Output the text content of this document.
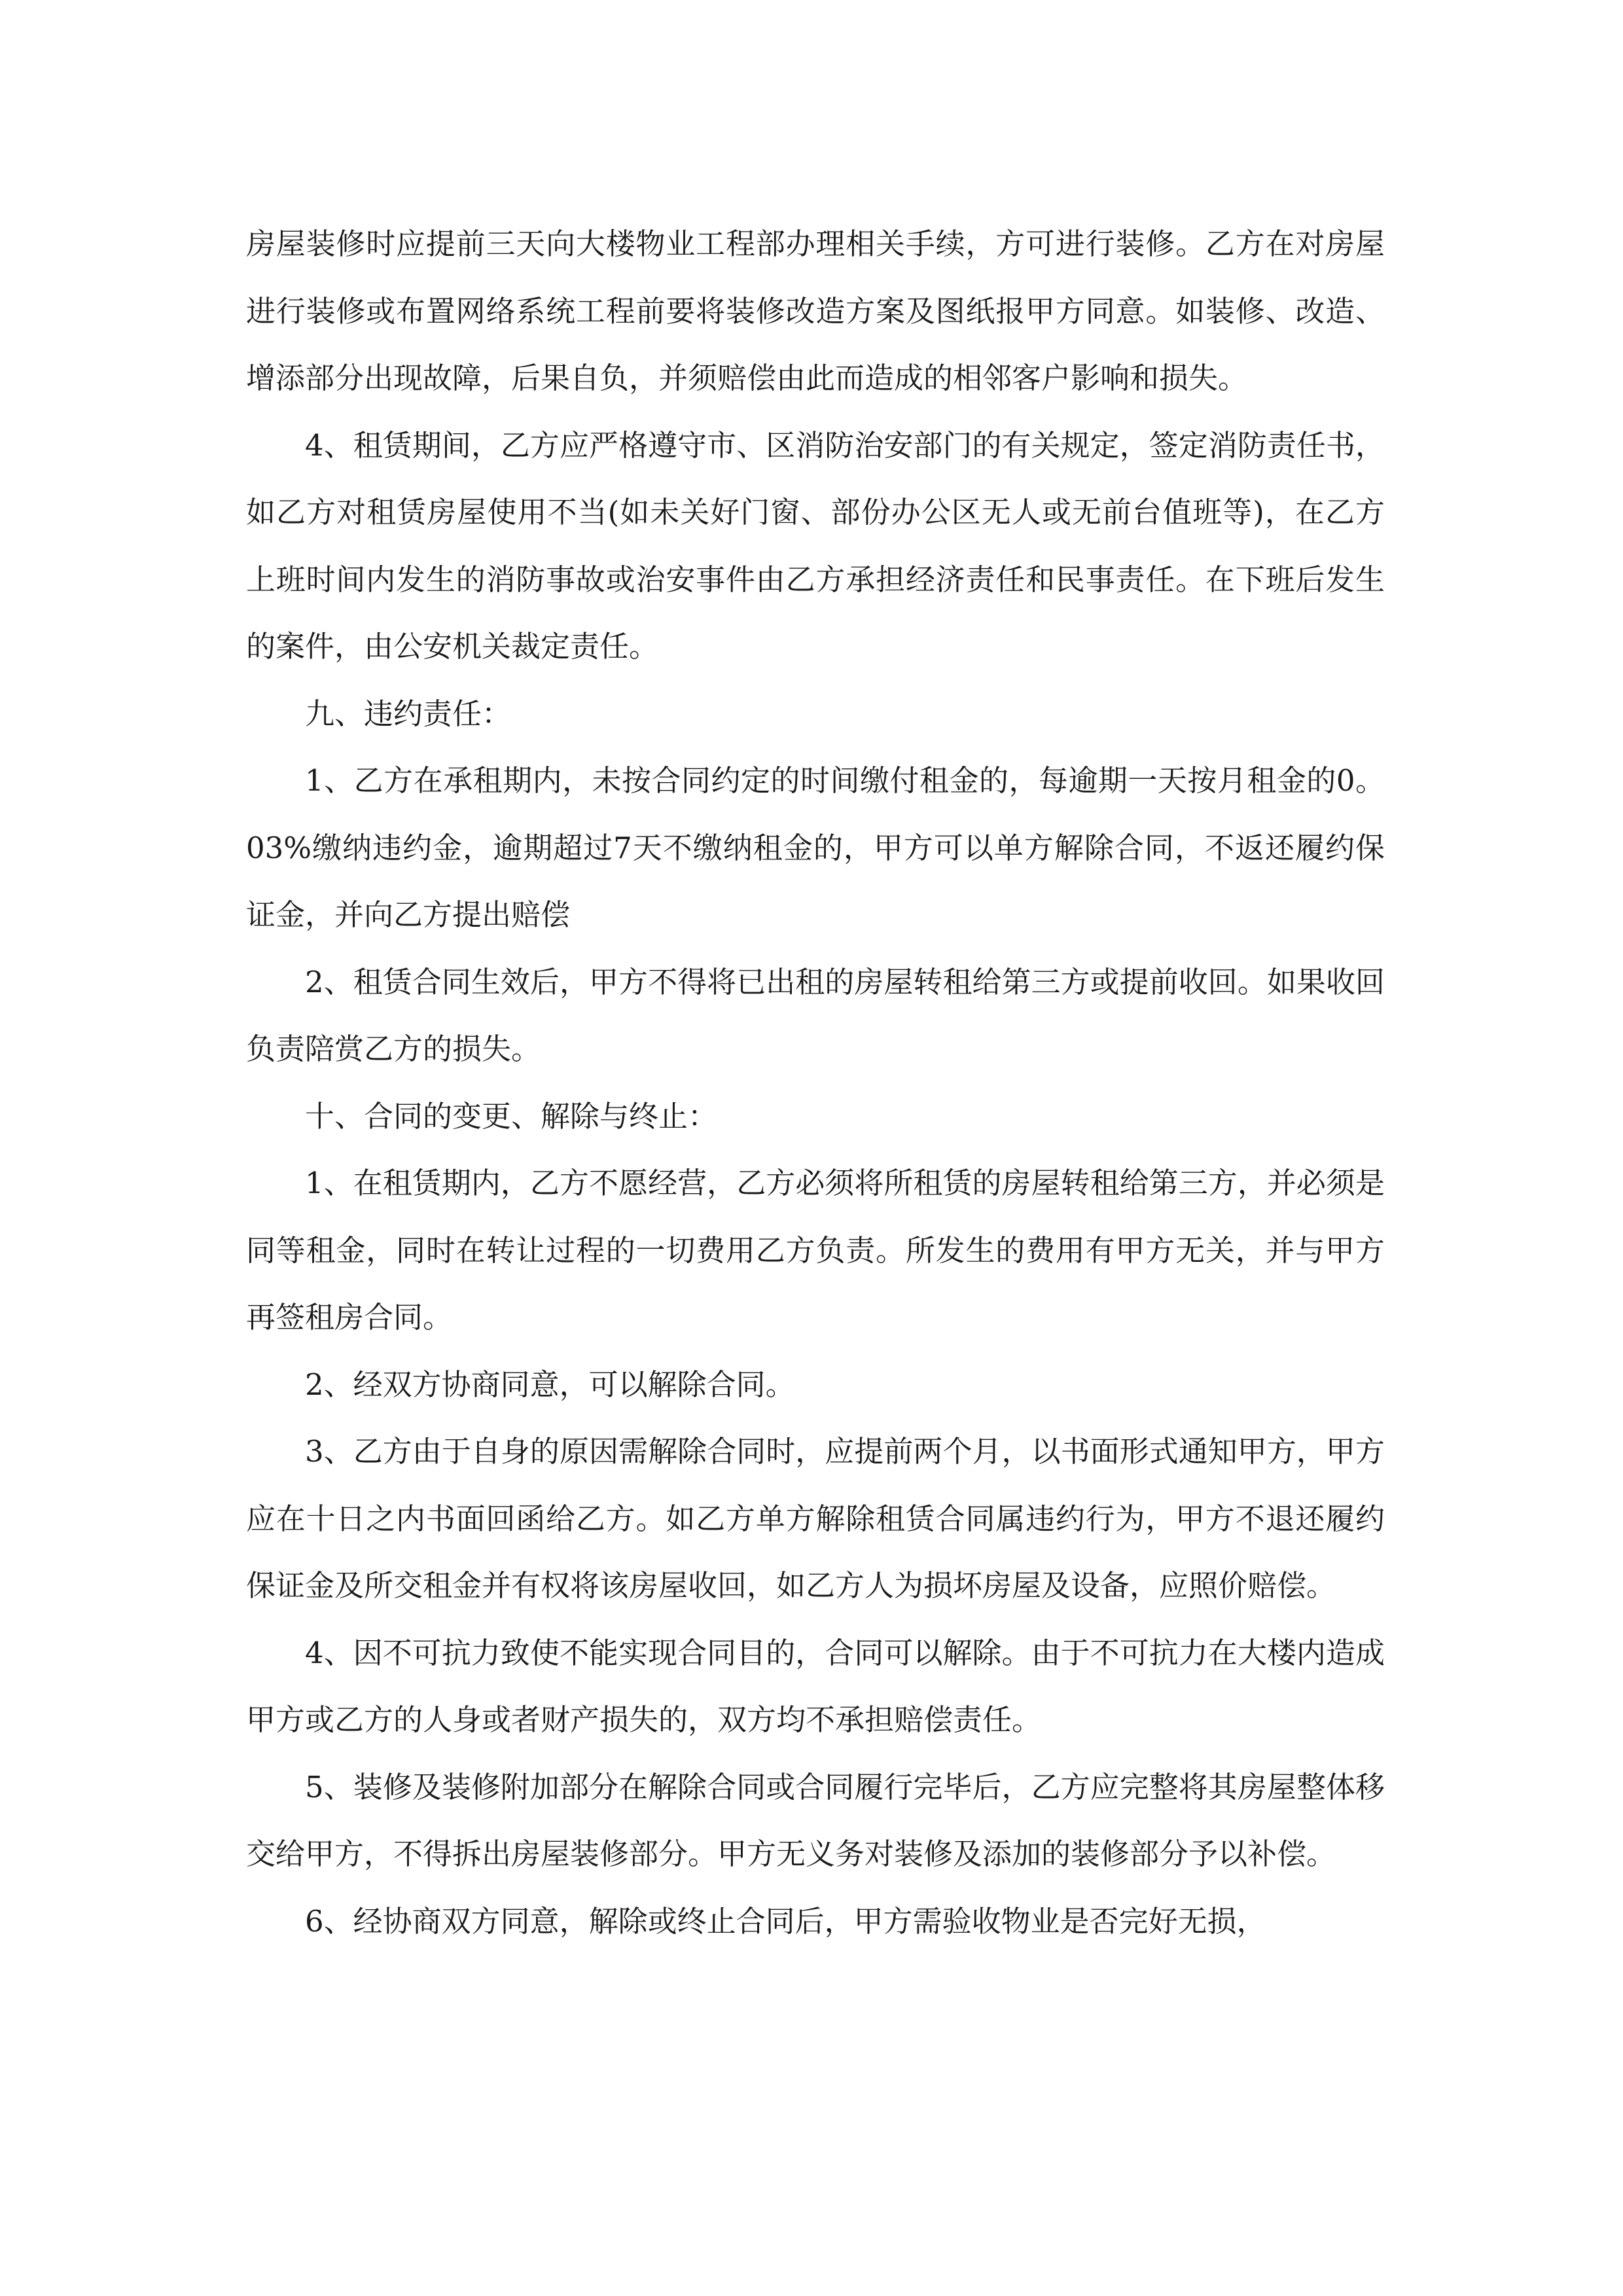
房屋装修时应提前三天向大楼物业工程部办理相关手续，方可进行装修。乙方在对房屋进行装修或布置网络系统工程前要将装修改造方案及图纸报甲方同意。如装修、改造、增添部分出现故障，后果自负，并须赔偿由此而造成的相邻客户影响和损失。

4、租赁期间，乙方应严格遵守市、区消防治安部门的有关规定，签定消防责任书，如乙方对租赁房屋使用不当(如未关好门窗、部份办公区无人或无前台值班等)，在乙方上班时间内发生的消防事故或治安事件由乙方承担经济责任和民事责任。在下班后发生的案件，由公安机关裁定责任。

九、违约责任：

1、乙方在承租期内，未按合同约定的时间缴付租金的，每逾期一天按月租金的0。03%缴纳违约金，逾期超过7天不缴纳租金的，甲方可以单方解除合同，不返还履约保证金，并向乙方提出赔偿

2、租赁合同生效后，甲方不得将已出租的房屋转租给第三方或提前收回。如果收回负责陪赏乙方的损失。

十、合同的变更、解除与终止：

1、在租赁期内，乙方不愿经营，乙方必须将所租赁的房屋转租给第三方，并必须是同等租金，同时在转让过程的一切费用乙方负责。所发生的费用有甲方无关，并与甲方再签租房合同。

2、经双方协商同意，可以解除合同。

3、乙方由于自身的原因需解除合同时，应提前两个月，以书面形式通知甲方，甲方应在十日之内书面回函给乙方。如乙方单方解除租赁合同属违约行为，甲方不退还履约保证金及所交租金并有权将该房屋收回，如乙方人为损坏房屋及设备，应照价赔偿。

4、因不可抗力致使不能实现合同目的，合同可以解除。由于不可抗力在大楼内造成甲方或乙方的人身或者财产损失的，双方均不承担赔偿责任。

5、装修及装修附加部分在解除合同或合同履行完毕后，乙方应完整将其房屋整体移交给甲方，不得拆出房屋装修部分。甲方无义务对装修及添加的装修部分予以补偿。

6、经协商双方同意，解除或终止合同后，甲方需验收物业是否完好无损，
